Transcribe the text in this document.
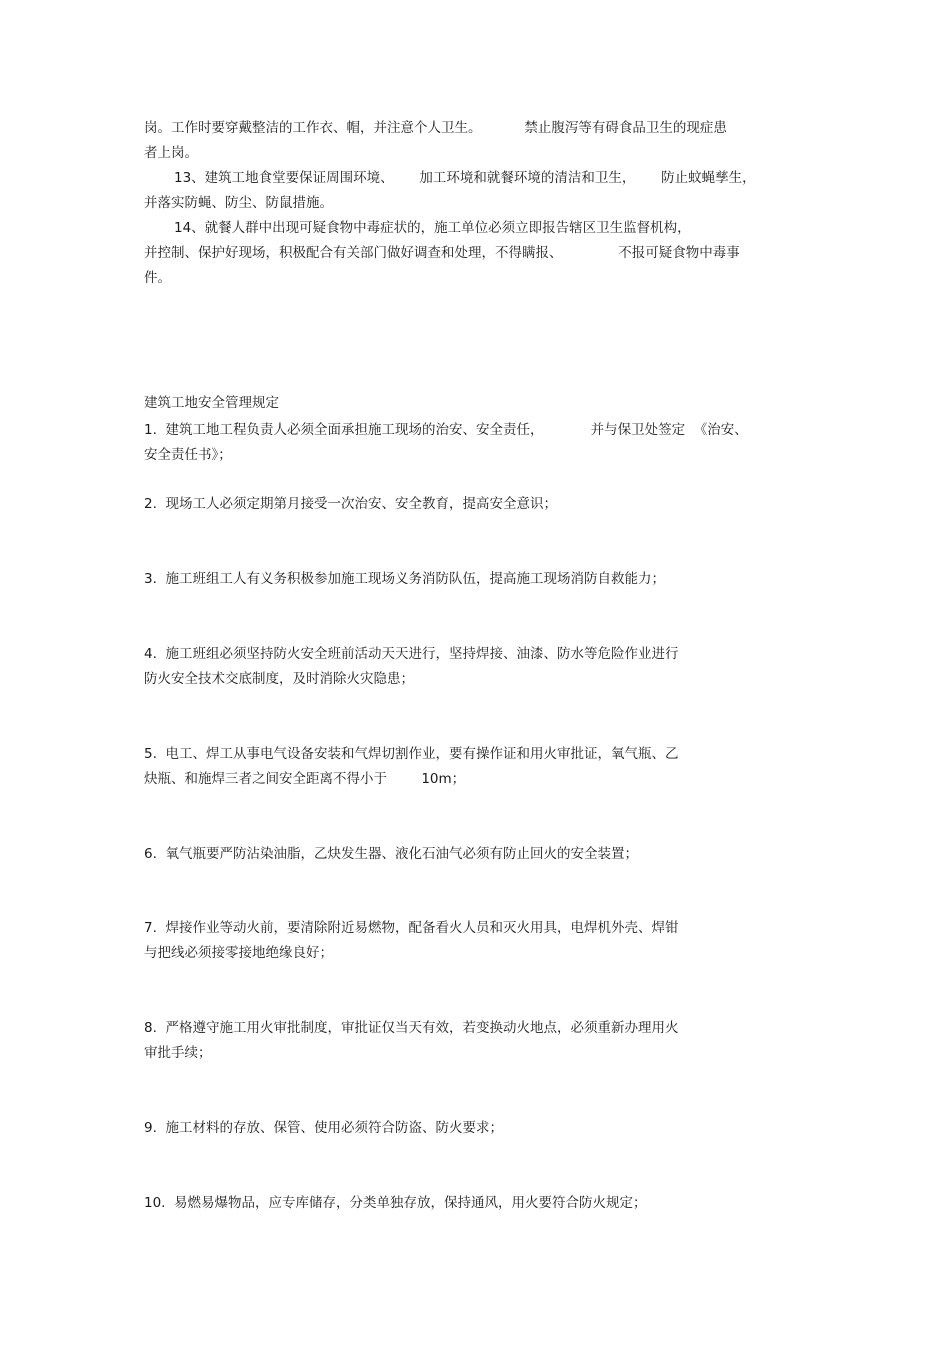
岗。工作时要穿戴整洁的工作衣、帽，并注意个人卫生。          禁止腹泻等有碍食品卫生的现症患
者上岗。
13、建筑工地食堂要保证周围环境、      加工环境和就餐环境的清洁和卫生，      防止蚊蝇孳生，
并落实防蝇、防尘、防鼠措施。
14、就餐人群中出现可疑食物中毒症状的，施工单位必须立即报告辖区卫生监督机构，
并控制、保护好现场，积极配合有关部门做好调查和处理，不得瞒报、             不报可疑食物中毒事
件。
建筑工地安全管理规定
1.  建筑工地工程负责人必须全面承担施工现场的治安、安全责任，           并与保卫处签定  《治安、
安全责任书》；
2.  现场工人必须定期第月接受一次治安、安全教育，提高安全意识；
3.  施工班组工人有义务积极参加施工现场义务消防队伍，提高施工现场消防自救能力；
4.  施工班组必须坚持防火安全班前活动天天进行，坚持焊接、油漆、防水等危险作业进行
防火安全技术交底制度，及时消除火灾隐患；
5.  电工、焊工从事电气设备安装和气焊切割作业，要有操作证和用火审批证，氧气瓶、乙
炔瓶、和施焊三者之间安全距离不得小于        10m；
6.  氧气瓶要严防沾染油脂，乙炔发生器、液化石油气必须有防止回火的安全装置；
7.  焊接作业等动火前，要清除附近易燃物，配备看火人员和灭火用具，电焊机外壳、焊钳
与把线必须接零接地绝缘良好；
8.  严格遵守施工用火审批制度，审批证仅当天有效，若变换动火地点，必须重新办理用火
审批手续；
9.  施工材料的存放、保管、使用必须符合防盗、防火要求；
10.  易燃易爆物品，应专库储存，分类单独存放，保持通风，用火要符合防火规定；
